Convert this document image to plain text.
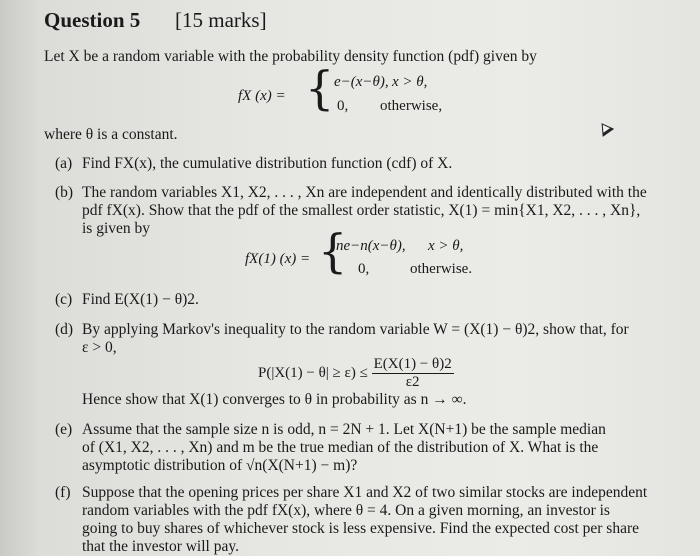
Question 5 [15 marks]
Let X be a random variable with the probability density function (pdf) given by
fX (x) = { e−(x−θ), x > θ,
0, otherwise,
where θ is a constant.
(a) Find FX(x), the cumulative distribution function (cdf) of X.
(b) The random variables X1, X2, . . . , Xn are independent and identically distributed with the
pdf fX(x). Show that the pdf of the smallest order statistic, X(1) = min{X1, X2, . . . , Xn},
is given by
fX(1) (x) = {
ne−n(x−θ), x > θ,
0,	otherwise.
(c) Find E(X(1) − θ)2.
(d) By applying Markov's inequality to the random variable W = (X(1) − θ)2, show that, for
ε > 0,
$P(|X(1) - \theta| \ge \varepsilon) \le \frac{E(X(1) - \theta)2}{\varepsilon 2}$
Hence show that X(1) converges to θ in probability as n → ∞.
(e) Assume that the sample size n is odd, n = 2N + 1. Let X(N+1) be the sample median
of (X1, X2, . . . , Xn) and m be the true median of the distribution of X. What is the
asymptotic distribution of √n(X(N+1) − m)?
(f) Suppose that the opening prices per share X1 and X2 of two similar stocks are independent
random variables with the pdf fX(x), where θ = 4. On a given morning, an investor is
going to buy shares of whichever stock is less expensive. Find the expected cost per share
that the investor will pay.
